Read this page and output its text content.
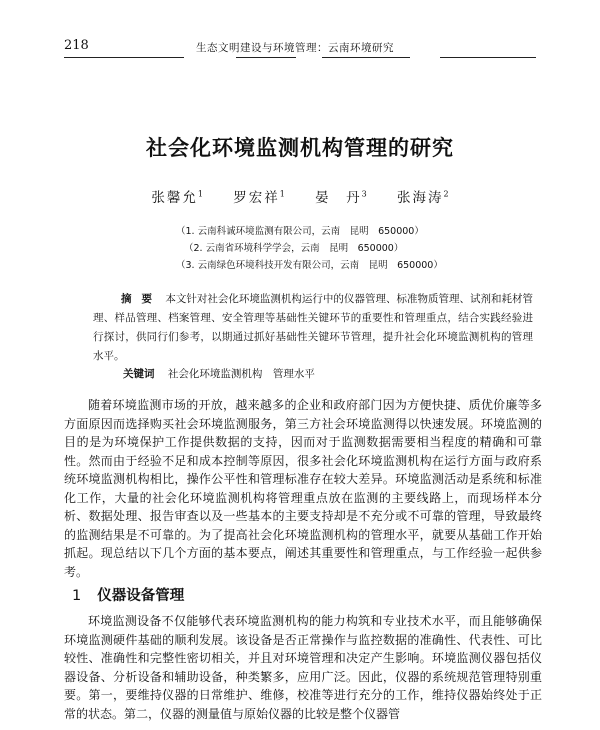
218	生态文明建设与环境管理：云南环境研究
社会化环境监测机构管理的研究
张馨允$^1$ 罗宏祥$^1$ 晏　丹$^3$ 张海涛$^2$
（1. 云南科诚环境监测有限公司，云南　昆明　650000）
（2. 云南省环境科学学会，云南　昆明　650000）
（3. 云南绿色环境科技开发有限公司，云南　昆明　650000）
摘要 本文针对社会化环境监测机构运行中的仪器管理、标准物质管理、试剂和耗材管理、样品管理、档案管理、安全管理等基础性关键环节的重要性和管理重点，结合实践经验进行探讨，供同行们参考，以期通过抓好基础性关键环节管理，提升社会化环境监测机构的管理水平。
关键词 社会化环境监测机构　管理水平

随着环境监测市场的开放，越来越多的企业和政府部门因为方便快捷、质优价廉等多方面原因而选择购买社会环境监测服务，第三方社会环境监测得以快速发展。环境监测的目的是为环境保护工作提供数据的支持，因而对于监测数据需要相当程度的精确和可靠性。然而由于经验不足和成本控制等原因，很多社会化环境监测机构在运行方面与政府系统环境监测机构相比，操作公平性和管理标准存在较大差异。环境监测活动是系统和标准化工作，大量的社会化环境监测机构将管理重点放在监测的主要线路上，而现场样本分析、数据处理、报告审查以及一些基本的主要支持却是不充分或不可靠的管理，导致最终的监测结果是不可靠的。为了提高社会化环境监测机构的管理水平，就要从基础工作开始抓起。现总结以下几个方面的基本要点，阐述其重要性和管理重点，与工作经验一起供参考。

1 仪器设备管理

环境监测设备不仅能够代表环境监测机构的能力构筑和专业技术水平，而且能够确保环境监测硬件基础的顺利发展。该设备是否正常操作与监控数据的准确性、代表性、可比较性、准确性和完整性密切相关，并且对环境管理和决定产生影响。环境监测仪器包括仪器设备、分析设备和辅助设备，种类繁多，应用广泛。因此，仪器的系统规范管理特别重要。第一，要维持仪器的日常维护、维修，校准等进行充分的工作，维持仪器始终处于正常的状态。第二，仪器的测量值与原始仪器的比较是整个仪器管
